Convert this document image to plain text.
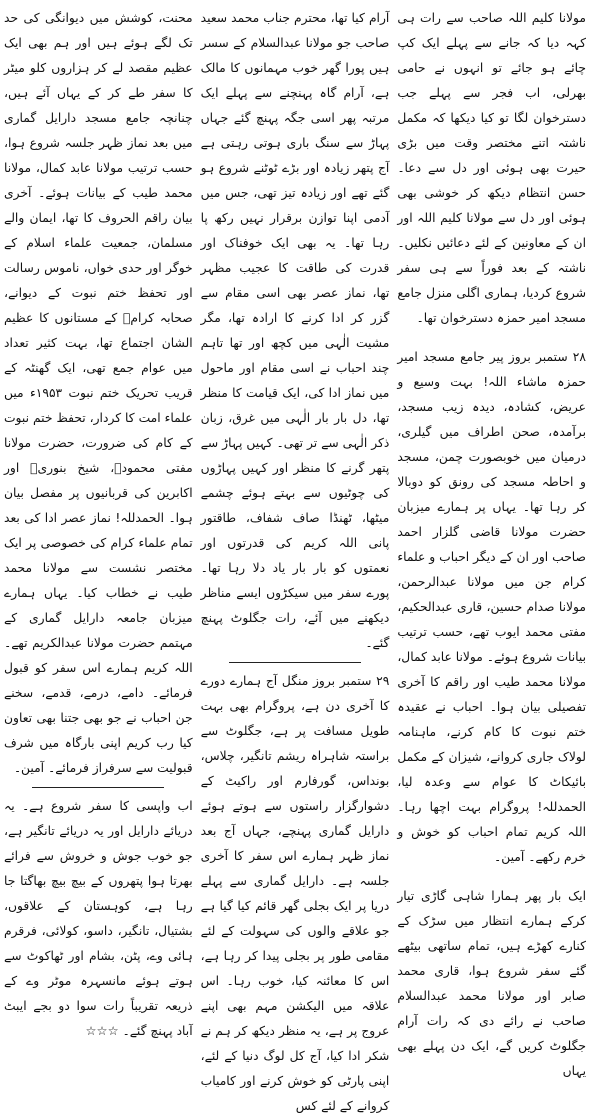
مولانا کلیم اللہ صاحب سے رات ہی کہہ دیا کہ جانے سے پہلے ایک کپ چائے ہو جائے تو انہوں نے حامی بھرلی، اب فجر سے پہلے جب دسترخوان لگا تو کیا دیکھا کہ مکمل ناشتہ اتنے مختصر وقت میں بڑی حیرت بھی ہوئی اور دل سے دعا۔ حسن انتظام دیکھ کر خوشی بھی ہوئی اور دل سے مولانا کلیم اللہ اور ان کے معاونین کے لئے دعائیں نکلیں۔ ناشتہ کے بعد فوراً سے ہی سفر شروع کردیا، ہماری اگلی منزل جامع مسجد امیر حمزہ دسترخوان تھا۔

۲۸ ستمبر بروز پیر جامع مسجد امیر حمزہ ماشاء اللہ! بہت وسیع و عریض، کشادہ، دیدہ زیب مسجد، برآمدہ، صحن اطراف میں گیلری، درمیان میں خوبصورت چمن، مسجد و احاطہ مسجد کی رونق کو دوبالا کر رہا تھا۔ یہاں پر ہمارے میزبان حضرت مولانا قاضی گلزار احمد صاحب اور ان کے دیگر احباب و علماء کرام جن میں مولانا عبدالرحمن، مولانا صدام حسین، قاری عبدالحکیم، مفتی محمد ایوب تھے، حسب ترتیب بیانات شروع ہوئے۔ مولانا عابد کمال، مولانا محمد طیب اور راقم کا آخری تفصیلی بیان ہوا۔ احباب نے عقیدہ ختم نبوت کا کام کرنے، ماہنامہ لولاک جاری کروانے، شیزان کے مکمل بائیکاٹ کا عوام سے وعدہ لیا، الحمدللہ! پروگرام بہت اچھا رہا۔ اللہ کریم تمام احباب کو خوش و خرم رکھے۔ آمین۔

ایک بار پھر ہمارا شاہی گاڑی تیار کرکے ہمارے انتظار میں سڑک کے کنارے کھڑے ہیں، تمام ساتھی بیٹھے گئے سفر شروع ہوا، قاری محمد صابر اور مولانا محمد عبدالسلام صاحب نے رائے دی کہ رات آرام جگلوٹ کریں گے، ایک دن پہلے بھی یہاں

آرام کیا تھا، محترم جناب محمد سعید صاحب جو مولانا عبدالسلام کے سسر ہیں پورا گھر خوب مہمانوں کا مالک ہے، آرام گاہ پہنچنے سے پہلے ایک مرتبہ پھر اسی جگہ پہنچ گئے جہاں پہاڑ سے سنگ باری ہوتی رہتی ہے آج پتھر زیادہ اور بڑے ٹوٹنے شروع ہو گئے تھے اور زیادہ تیز تھی، جس میں آدمی اپنا توازن برقرار نہیں رکھ پا رہا تھا۔ یہ بھی ایک خوفناک اور قدرت کی طاقت کا عجیب مظہر تھا، نماز عصر بھی اسی مقام سے گزر کر ادا کرنے کا ارادہ تھا، مگر مشیت الٰہی میں کچھ اور تھا تاہم چند احباب نے اسی مقام اور ماحول میں نماز ادا کی، ایک قیامت کا منظر تھا، دل بار بار الٰہی میں غرق، زبان ذکر الٰہی سے تر تھی۔ کہیں پہاڑ سے پتھر گرنے کا منظر اور کہیں پہاڑوں کی چوٹیوں سے بہتے ہوئے چشمے میٹھا، ٹھنڈا صاف شفاف، طاقتور پانی اللہ کریم کی قدرتوں اور نعمتوں کو بار بار یاد دلا رہا تھا۔ پورے سفر میں سیکڑوں ایسے مناظر دیکھنے میں آئے، رات جگلوٹ پہنچ گئے۔

۲۹ ستمبر بروز منگل آج ہمارے دورے کا آخری دن ہے، پروگرام بھی بہت طویل مسافت پر ہے، جگلوٹ سے براستہ شاہراہ ریشم تانگیر، چلاس، بونداس، گورفارم اور راکیٹ کے دشوارگزار راستوں سے ہوتے ہوئے دارایل گماری پہنچے، جہاں آج بعد نماز ظہر ہمارے اس سفر کا آخری جلسہ ہے۔ دارایل گماری سے پہلے دریا پر ایک بجلی گھر قائم کیا گیا ہے جو علاقے والوں کی سہولت کے لئے مقامی طور پر بجلی پیدا کر رہا ہے، اس کا معائنہ کیا، خوب رہا۔ اس علاقہ میں الیکشن مہم بھی اپنے عروج پر ہے، یہ منظر دیکھ کر ہم نے شکر ادا کیا، آج کل لوگ دنیا کے لئے، اپنی پارٹی کو خوش کرنے اور کامیاب کروانے کے لئے کس

محنت، کوشش میں دیوانگی کی حد تک لگے ہوئے ہیں اور ہم بھی ایک عظیم مقصد لے کر ہزاروں کلو میٹر کا سفر طے کر کے یہاں آئے ہیں، چنانچہ جامع مسجد دارایل گماری میں بعد نماز ظہر جلسہ شروع ہوا، حسب ترتیب مولانا عابد کمال، مولانا محمد طیب کے بیانات ہوئے۔ آخری بیان راقم الحروف کا تھا، ایمان والے مسلمان، جمعیت علماء اسلام کے خوگر اور حدی خواں، ناموس رسالت اور تحفظ ختم نبوت کے دیوانے، صحابہ کرامؓ کے مستانوں کا عظیم الشان اجتماع تھا، بہت کثیر تعداد میں عوام جمع تھی، ایک گھنٹہ کے قریب تحریک ختم نبوت ۱۹۵۳ء میں علماء امت کا کردار، تحفظ ختم نبوت کے کام کی ضرورت، حضرت مولانا مفتی محمودؒ، شیخ بنوریؒ اور اکابرین کی قربانیوں پر مفصل بیان ہوا۔ الحمدللہ! نماز عصر ادا کی بعد تمام علماء کرام کی خصوصی پر ایک مختصر نشست سے مولانا محمد طیب نے خطاب کیا۔ یہاں ہمارے میزبان جامعہ دارایل گماری کے مہتمم حضرت مولانا عبدالکریم تھے۔ اللہ کریم ہمارے اس سفر کو قبول فرمائے۔ دامے، درمے، قدمے، سخنے جن احباب نے جو بھی جتنا بھی تعاون کیا رب کریم اپنی بارگاہ میں شرف قبولیت سے سرفراز فرمائے۔ آمین۔

اب واپسی کا سفر شروع ہے۔ یہ دریائے دارایل اور یہ دریائے تانگیر ہے، جو خوب جوش و خروش سے فرائے بھرتا ہوا پتھروں کے بیچ بیچ بھاگتا جا رہا ہے، کوہستان کے علاقوں، بشتیال، تانگیر، داسو، کولائی، فرقرم ہائی وے، پٹن، بشام اور ٹھاکوٹ سے ہوتے ہوئے مانسہرہ موٹر وے کے ذریعہ تقریباً رات سوا دو بجے ایبٹ آباد پہنچ گئے۔ ☆☆☆
